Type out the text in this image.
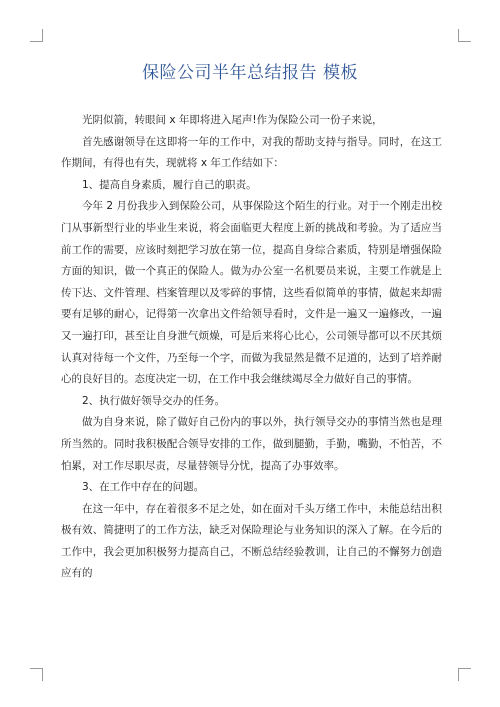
保险公司半年总结报告 模板

光阴似箭，转眼间 x 年即将进入尾声!作为保险公司一份子来说，

首先感谢领导在这即将一年的工作中，对我的帮助支持与指导。同时，在这工作期间，有得也有失，现就将 x 年工作结如下：

1、提高自身素质，履行自己的职责。

今年 2 月份我步入到保险公司，从事保险这个陌生的行业。对于一个刚走出校门从事新型行业的毕业生来说，将会面临更大程度上新的挑战和考验。为了适应当前工作的需要，应该时刻把学习放在第一位，提高自身综合素质，特别是增强保险方面的知识，做一个真正的保险人。做为办公室一名机要员来说，主要工作就是上传下达、文件管理、档案管理以及零碎的事情，这些看似简单的事情，做起来却需要有足够的耐心，记得第一次拿出文件给领导看时，文件是一遍又一遍修改，一遍又一遍打印，甚至让自身泄气烦燥，可是后来将心比心，公司领导都可以不厌其烦认真对待每一个文件，乃至每一个字，而做为我显然是微不足道的，达到了培养耐心的良好目的。态度决定一切，在工作中我会继续竭尽全力做好自己的事情。

2、执行做好领导交办的任务。

做为自身来说，除了做好自己份内的事以外，执行领导交办的事情当然也是理所当然的。同时我积极配合领导安排的工作，做到腿勤，手勤，嘴勤，不怕苦，不怕累，对工作尽职尽责，尽量替领导分忧，提高了办事效率。

3、在工作中存在的问题。

在这一年中，存在着很多不足之处，如在面对千头万绪工作中，未能总结出积极有效、简捷明了的工作方法，缺乏对保险理论与业务知识的深入了解。在今后的工作中，我会更加积极努力提高自己，不断总结经验教训，让自己的不懈努力创造应有的
